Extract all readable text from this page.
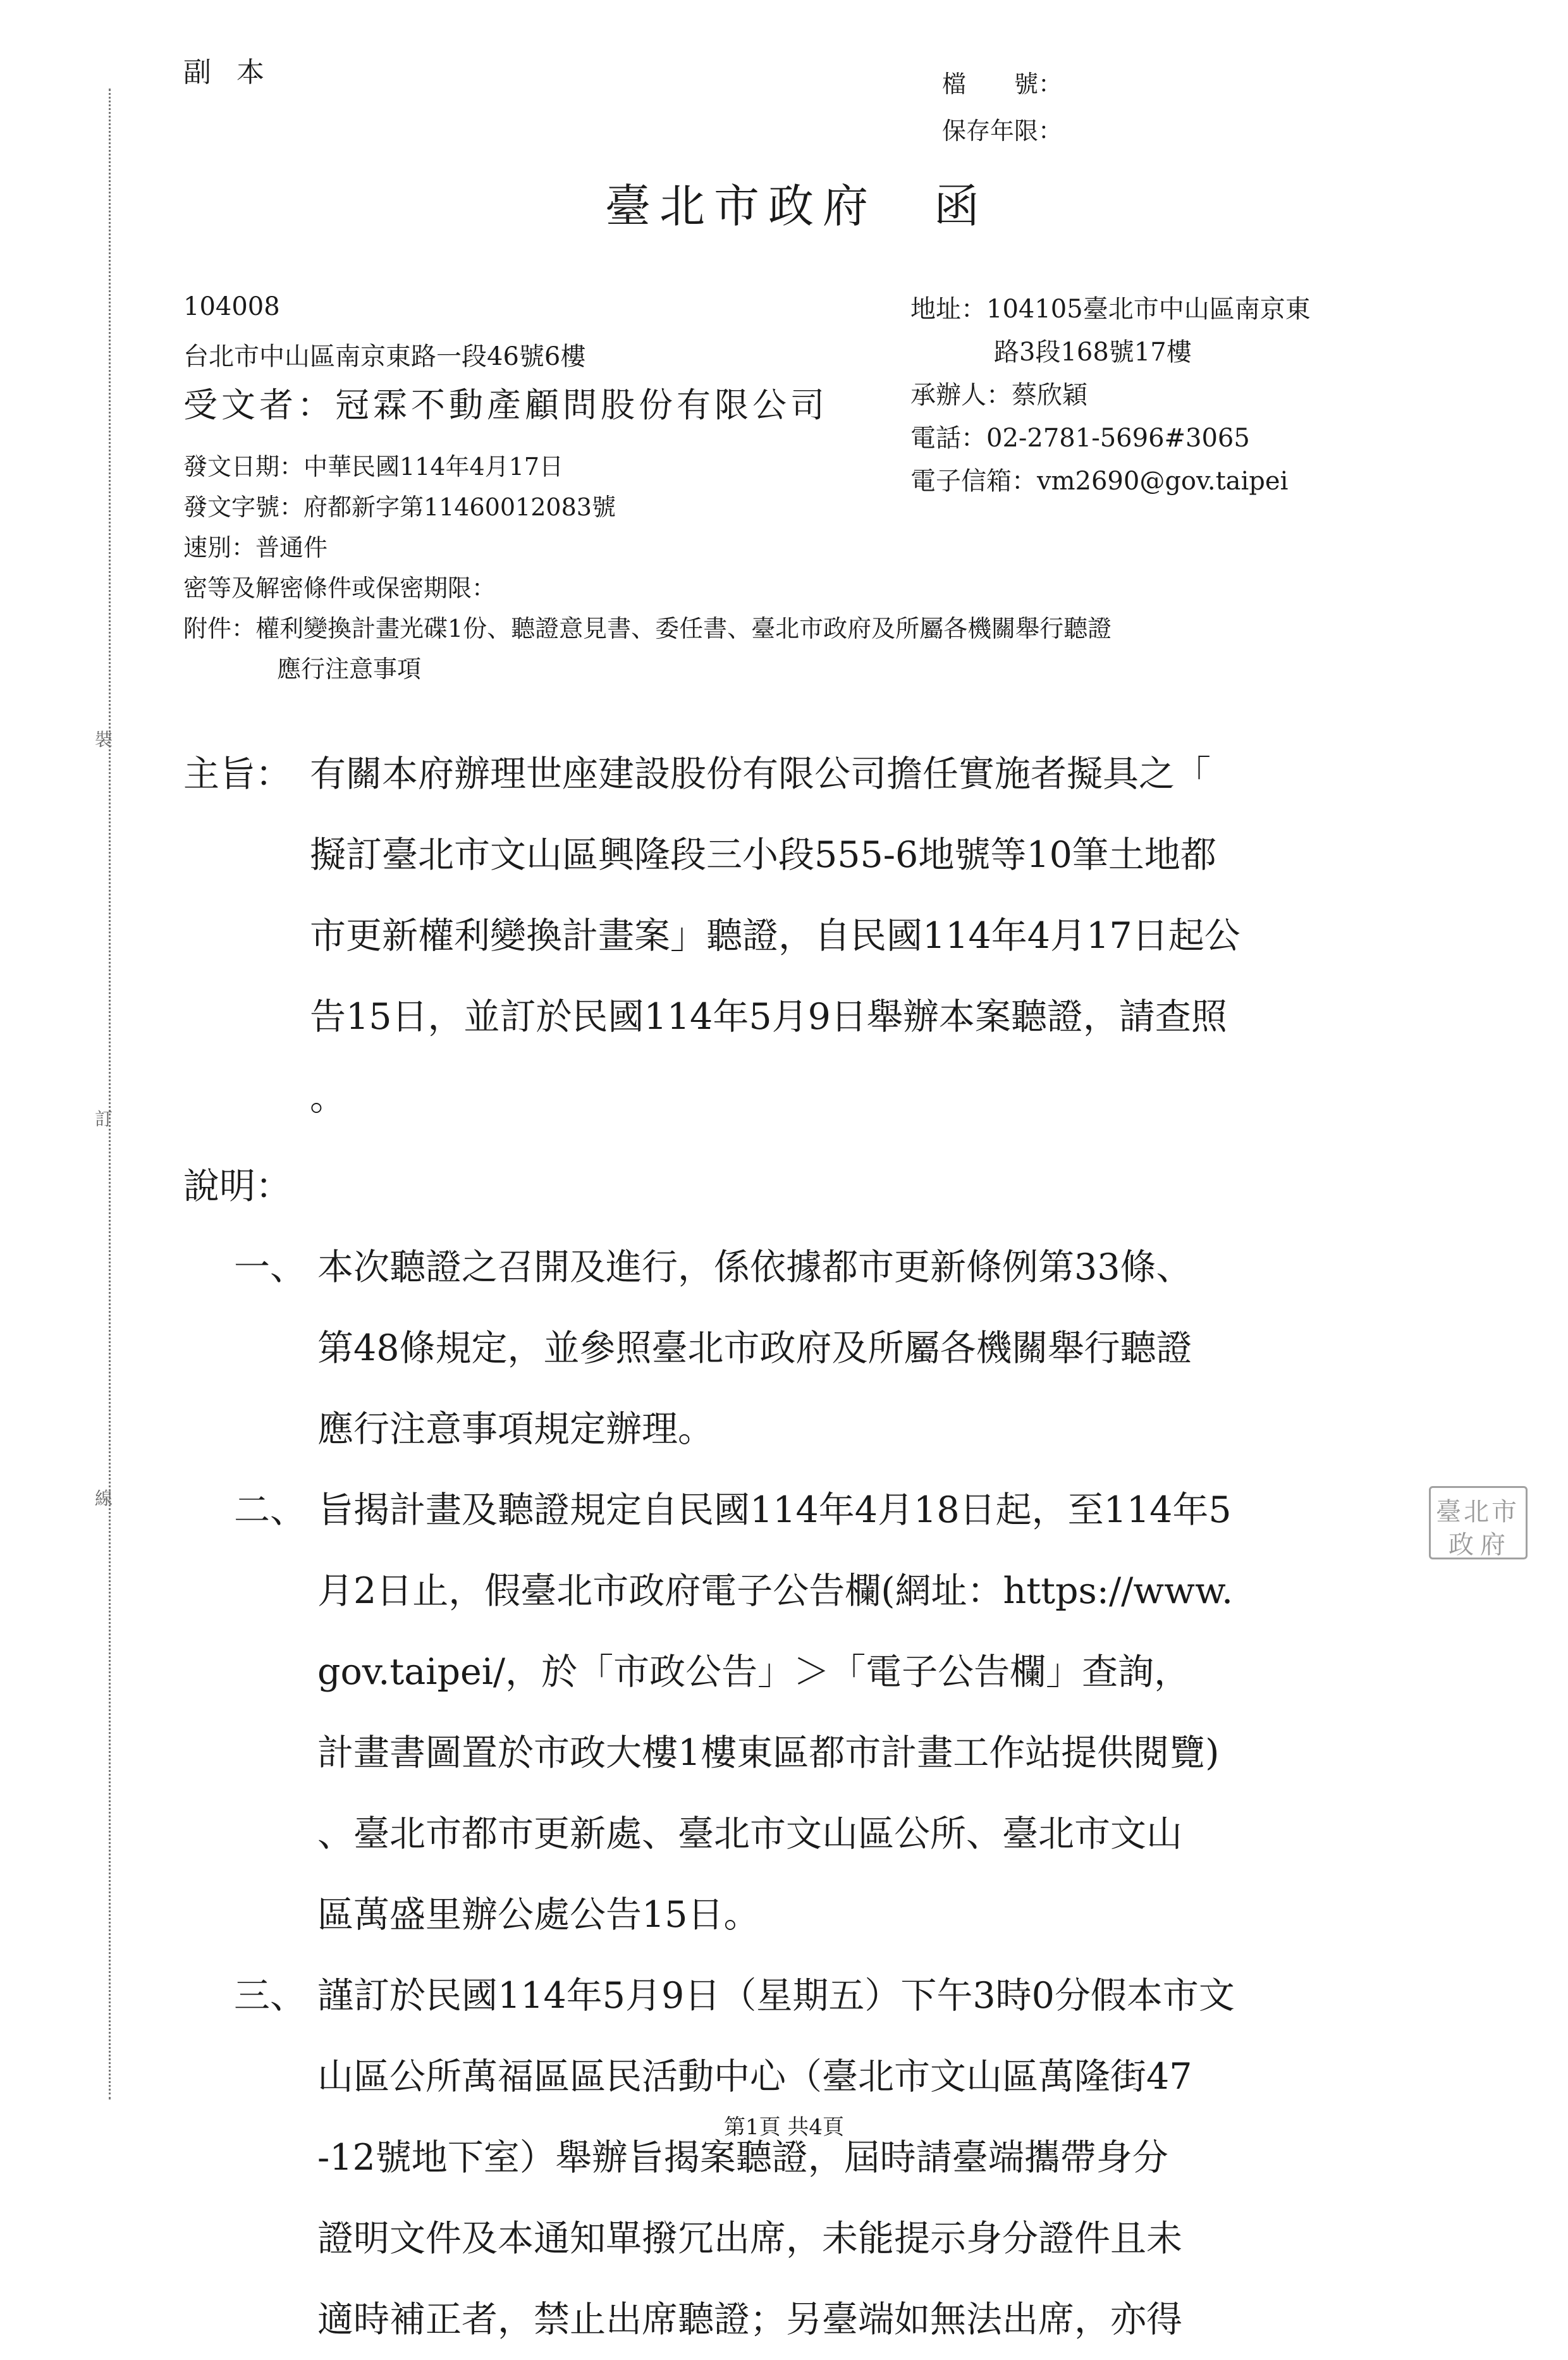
裝
訂
線
副本	檔　　號：
保存年限：
臺北市政府 函
104008
台北市中山區南京東路一段46號6樓
受文者：冠霖不動產顧問股份有限公司
地址：104105臺北市中山區南京東
路3段168號17樓
承辦人：蔡欣穎
電話：02-2781-5696#3065
電子信箱：vm2690@gov.taipei
發文日期：中華民國114年4月17日
發文字號：府都新字第11460012083號
速別：普通件
密等及解密條件或保密期限：
附件：權利變換計畫光碟1份、聽證意見書、委任書、臺北市政府及所屬各機關舉行聽證
應行注意事項
主旨： 有關本府辦理世座建設股份有限公司擔任實施者擬具之「
擬訂臺北市文山區興隆段三小段555-6地號等10筆土地都
市更新權利變換計畫案」聽證，自民國114年4月17日起公
告15日，並訂於民國114年5月9日舉辦本案聽證，請查照
。
說明：
一、 本次聽證之召開及進行，係依據都市更新條例第33條、
第48條規定，並參照臺北市政府及所屬各機關舉行聽證
應行注意事項規定辦理。
二、 旨揭計畫及聽證規定自民國114年4月18日起，至114年5
月2日止，假臺北市政府電子公告欄(網址：https://www.
gov.taipei/，於「市政公告」＞「電子公告欄」查詢，
計畫書圖置於市政大樓1樓東區都市計畫工作站提供閱覽)
、臺北市都市更新處、臺北市文山區公所、臺北市文山
區萬盛里辦公處公告15日。
三、 謹訂於民國114年5月9日（星期五）下午3時0分假本市文
山區公所萬福區區民活動中心（臺北市文山區萬隆街47
-12號地下室）舉辦旨揭案聽證，屆時請臺端攜帶身分
證明文件及本通知單撥冗出席，未能提示身分證件且未
適時補正者，禁止出席聽證；另臺端如無法出席，亦得
臺 北 市
政 府
第1頁 共4頁
